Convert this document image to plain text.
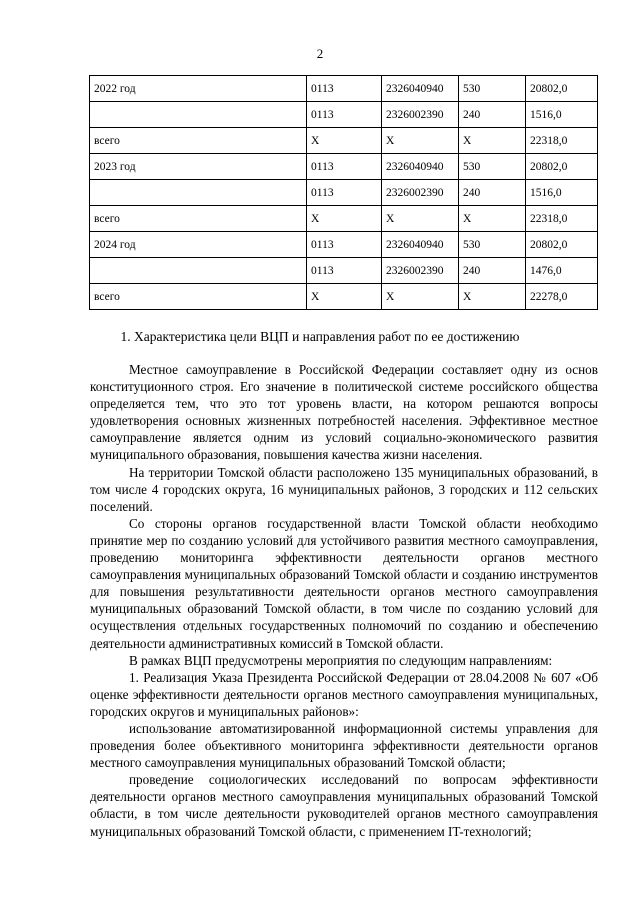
2
2022 год	0113	2326040940	530	20802,0
	0113	2326002390	240	1516,0
всего	X	X	X	22318,0
2023 год	0113	2326040940	530	20802,0
	0113	2326002390	240	1516,0
всего	X	X	X	22318,0
2024 год	0113	2326040940	530	20802,0
	0113	2326002390	240	1476,0
всего	X	X	X	22278,0
1. Характеристика цели ВЦП и направления работ по ее достижению

Местное самоуправление в Российской Федерации составляет одну из основ конституционного строя. Его значение в политической системе российского общества определяется тем, что это тот уровень власти, на котором решаются вопросы удовлетворения основных жизненных потребностей населения. Эффективное местное самоуправление является одним из условий социально-экономического развития муниципального образования, повышения качества жизни населения.

На территории Томской области расположено 135 муниципальных образований, в том числе 4 городских округа, 16 муниципальных районов, 3 городских и 112 сельских поселений.

Со стороны органов государственной власти Томской области необходимо принятие мер по созданию условий для устойчивого развития местного самоуправления, проведению мониторинга эффективности деятельности органов местного самоуправления муниципальных образований Томской области и созданию инструментов для повышения результативности деятельности органов местного самоуправления муниципальных образований Томской области, в том числе по созданию условий для осуществления отдельных государственных полномочий по созданию и обеспечению деятельности административных комиссий в Томской области.

В рамках ВЦП предусмотрены мероприятия по следующим направлениям:

1. Реализация Указа Президента Российской Федерации от 28.04.2008 № 607 «Об оценке эффективности деятельности органов местного самоуправления муниципальных, городских округов и муниципальных районов»:

использование автоматизированной информационной системы управления для проведения более объективного мониторинга эффективности деятельности органов местного самоуправления муниципальных образований Томской области;

проведение социологических исследований по вопросам эффективности деятельности органов местного самоуправления муниципальных образований Томской области, в том числе деятельности руководителей органов местного самоуправления муниципальных образований Томской области, с применением IT-технологий;
